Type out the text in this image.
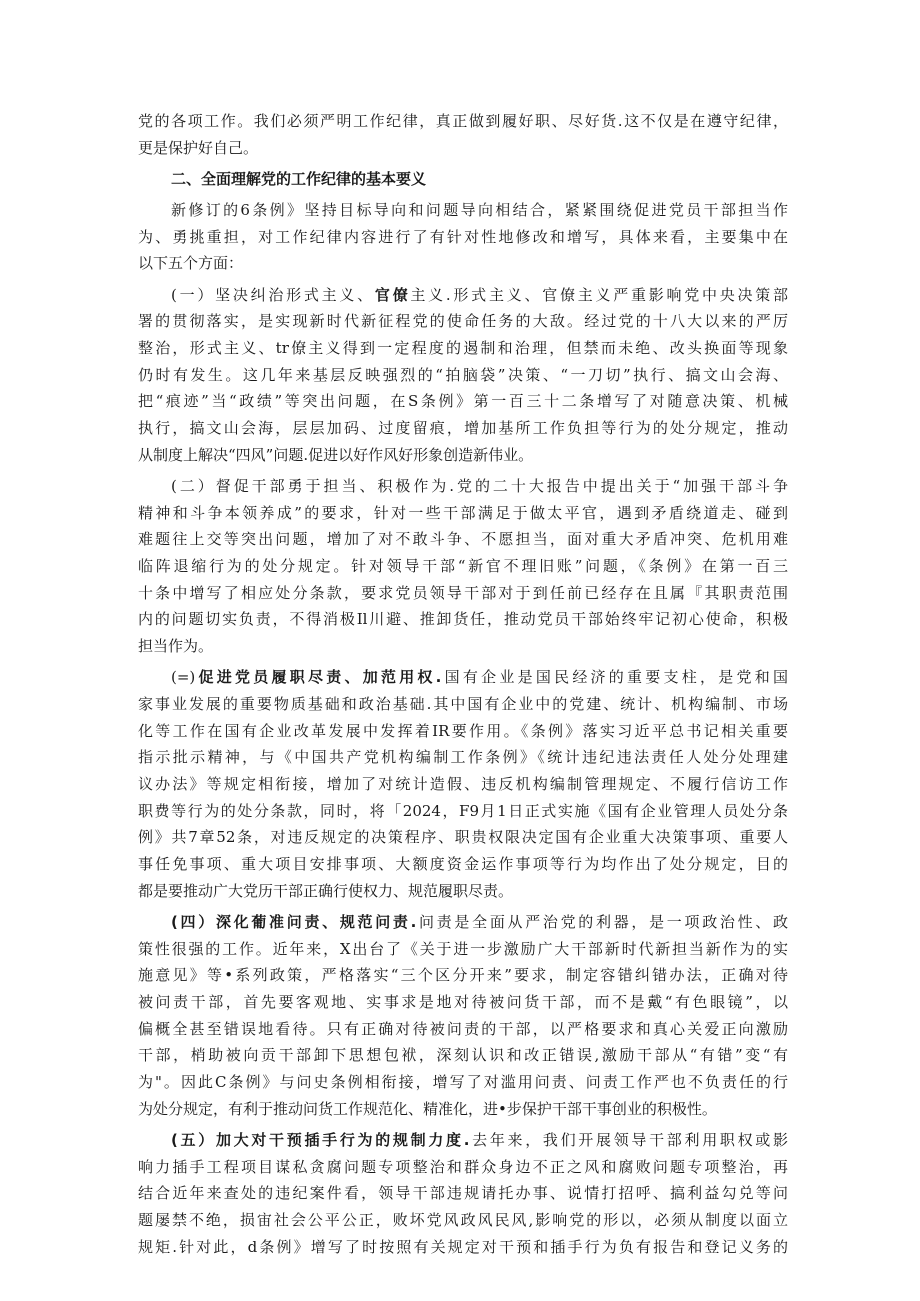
党的各项工作。我们必须严明工作纪律，真正做到履好职、尽好货.这不仅是在遵守纪律，
更是保护好自己。
二、全面理解党的工作纪律的基本要义
新修订的6条例》坚持目标导向和问题导向相结合，紧紧围绕促进党员干部担当作
为、勇挑重担，对工作纪律内容进行了有针对性地修改和增写，具体来看，主要集中在
以下五个方面：
(一）坚决纠治形式主义、官僚主义.形式主义、官僚主义严重影响党中央决策部
署的贯彻落实，是实现新时代新征程党的使命任务的大敌。经过党的十八大以来的严厉
整治，形式主义、tr僚主义得到一定程度的遏制和治理，但禁而未绝、改头换面等现象
仍时有发生。这几年来基层反映强烈的“拍脑袋”决策、“一刀切”执行、搞文山会海、
把“痕迹”当“政绩”等突出问题，在S条例》第一百三十二条增写了对随意决策、机械
执行，搞文山会海，层层加码、过度留痕，增加基所工作负担等行为的处分规定，推动
从制度上解决“四风”问题.促进以好作风好形象创造新伟业。
(二）督促干部勇于担当、积极作为.党的二十大报告中提出关于“加强干部斗争
精神和斗争本领养成”的要求，针对一些干部满足于做太平官，遇到矛盾绕道走、碰到
难题往上交等突出问题，增加了对不敢斗争、不愿担当，面对重大矛盾冲突、危机用难
临阵退缩行为的处分规定。针对领导干部“新官不理旧账”问题，《条例》在第一百三
十条中增写了相应处分条款，要求党员领导干部对于到任前已经存在且属『其职责范围
内的问题切实负责，不得消极Il川避、推卸货任，推动党员干部始终牢记初心使命，积极
担当作为。
(=)促进党员履职尽责、加范用权.国有企业是国民经济的重要支柱，是党和国
家事业发展的重要物质基础和政治基础.其中国有企业中的党建、统计、机构编制、市场
化等工作在国有企业改革发展中发挥着IR要作用。《条例》落实习近平总书记相关重要
指示批示精神，与《中国共产党机构编制工作条例》《统计违纪违法责任人处分处理建
议办法》等规定相衔接，增加了对统计造假、违反机构编制管理规定、不履行信访工作
职费等行为的处分条款，同时，将「2024，F9月1日正式实施《国有企业管理人员处分条
例》共7章52条，对违反规定的决策程序、职贵权限决定国有企业重大决策事项、重要人
事任免事项、重大项目安排事项、大额度资金运作事项等行为均作出了处分规定，目的
都是要推动广大党历干部正确行使权力、规范履职尽责。
(四）深化葡准问责、规范问责.问责是全面从严治党的利器，是一项政治性、政
策性很强的工作。近年来，X出台了《关于进一步激励广大干部新时代新担当新作为的实
施意见》等•系列政策，严格落实“三个区分开来”要求，制定容错纠错办法，正确对待
被问责干部，首先要客观地、实事求是地对待被问货干部，而不是戴“有色眼镜”，以
偏概全甚至错误地看待。只有正确对待被问责的干部，以严格要求和真心关爱正向激励
干部，梢助被向贡干部卸下思想包袱，深刻认识和改正错误,激励干部从“有错”变“有
为"。因此C条例》与问史条例相衔接，增写了对滥用问责、问责工作严也不负责任的行
为处分规定，有利于推动问货工作规范化、精准化，进•步保护干部干事创业的积极性。
(五）加大对干预插手行为的规制力度.去年来，我们开展领导干部利用职权或影
响力插手工程项目谋私贪腐问题专项整治和群众身边不正之风和腐败问题专项整治，再
结合近年来查处的违纪案件看，领导干部违规请托办事、说情打招呼、搞利益勾兑等问
题屡禁不绝，损宙社会公平公正，败坏党风政风民风,影响党的形以，必须从制度以面立
规矩.针对此，d条例》增写了时按照有关规定对干预和插手行为负有报告和登记义务的
